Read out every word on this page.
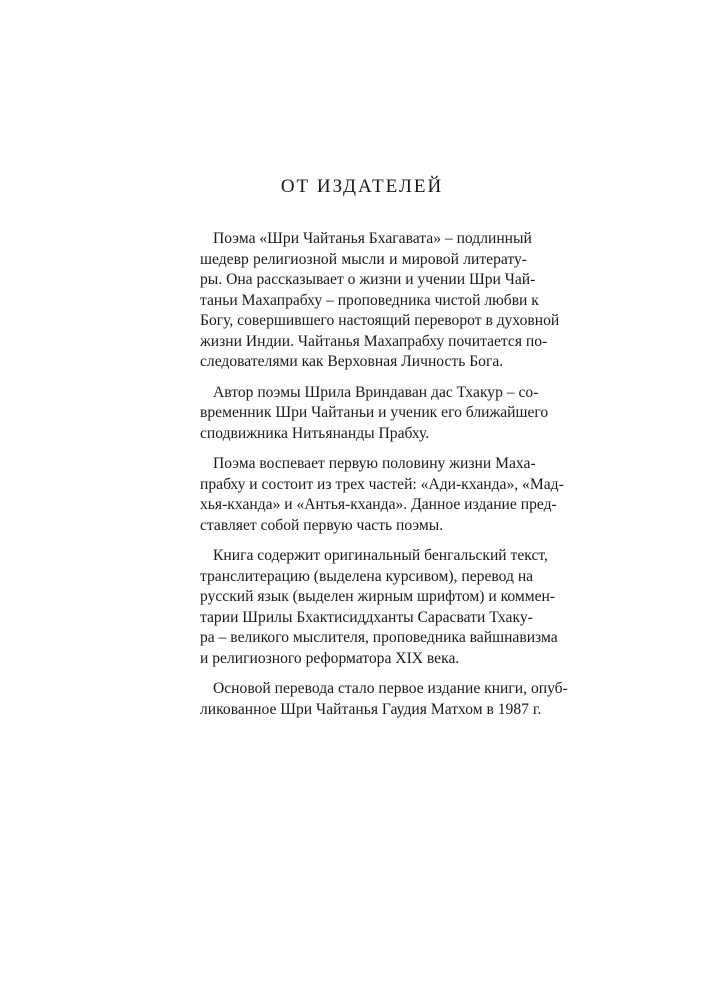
ОТ ИЗДАТЕЛЕЙ
Поэма «Шри Чайтанья Бхагавата» – подлинный
шедевр религиозной мысли и мировой литерату-
ры. Она рассказывает о жизни и учении Шри Чай-
таньи Махапрабху – проповедника чистой любви к
Богу, совершившего настоящий переворот в духовной
жизни Индии. Чайтанья Махапрабху почитается по-
следователями как Верховная Личность Бога.
Автор поэмы Шрила Вриндаван дас Тхакур – со-
временник Шри Чайтаньи и ученик его ближайшего
сподвижника Нитьянанды Прабху.
Поэма воспевает первую половину жизни Маха-
прабху и состоит из трех частей: «Ади-кханда», «Мад-
хья-кханда» и «Антья-кханда». Данное издание пред-
ставляет собой первую часть поэмы.
Книга содержит оригинальный бенгальский текст,
транслитерацию (выделена курсивом), перевод на
русский язык (выделен жирным шрифтом) и коммен-
тарии Шрилы Бхактисиддханты Сарасвати Тхаку-
ра – великого мыслителя, проповедника вайшнавизма
и религиозного реформатора XIX века.
Основой перевода стало первое издание книги, опуб-
ликованное Шри Чайтанья Гаудия Матхом в 1987 г.
